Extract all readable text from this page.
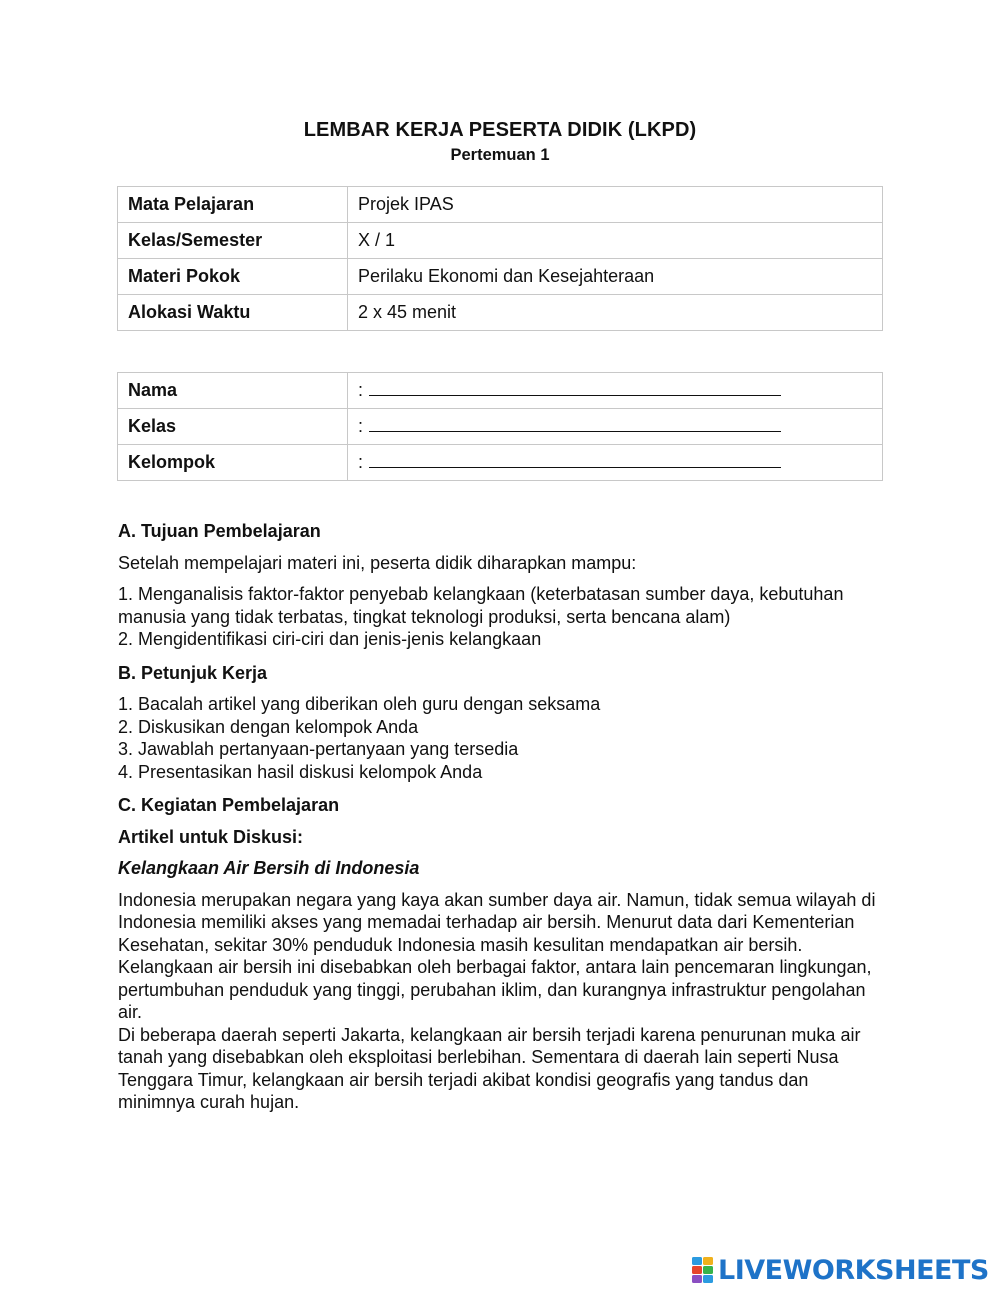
LEMBAR KERJA PESERTA DIDIK (LKPD)
Pertemuan 1
Mata Pelajaran	Projek IPAS
Kelas/Semester	X / 1
Materi Pokok	Perilaku Ekonomi dan Kesejahteraan
Alokasi Waktu	2 x 45 menit
Nama	:
Kelas	:
Kelompok	:
A. Tujuan Pembelajaran
Setelah mempelajari materi ini, peserta didik diharapkan mampu:
1. Menganalisis faktor-faktor penyebab kelangkaan (keterbatasan sumber daya, kebutuhan manusia yang tidak terbatas, tingkat teknologi produksi, serta bencana alam)
2. Mengidentifikasi ciri-ciri dan jenis-jenis kelangkaan
B. Petunjuk Kerja
1. Bacalah artikel yang diberikan oleh guru dengan seksama
2. Diskusikan dengan kelompok Anda
3. Jawablah pertanyaan-pertanyaan yang tersedia
4. Presentasikan hasil diskusi kelompok Anda
C. Kegiatan Pembelajaran
Artikel untuk Diskusi:
Kelangkaan Air Bersih di Indonesia
Indonesia merupakan negara yang kaya akan sumber daya air. Namun, tidak semua wilayah di Indonesia memiliki akses yang memadai terhadap air bersih. Menurut data dari Kementerian Kesehatan, sekitar 30% penduduk Indonesia masih kesulitan mendapatkan air bersih. Kelangkaan air bersih ini disebabkan oleh berbagai faktor, antara lain pencemaran lingkungan, pertumbuhan penduduk yang tinggi, perubahan iklim, dan kurangnya infrastruktur pengolahan air.
Di beberapa daerah seperti Jakarta, kelangkaan air bersih terjadi karena penurunan muka air tanah yang disebabkan oleh eksploitasi berlebihan. Sementara di daerah lain seperti Nusa Tenggara Timur, kelangkaan air bersih terjadi akibat kondisi geografis yang tandus dan minimnya curah hujan.
LIVEWORKSHEETS
